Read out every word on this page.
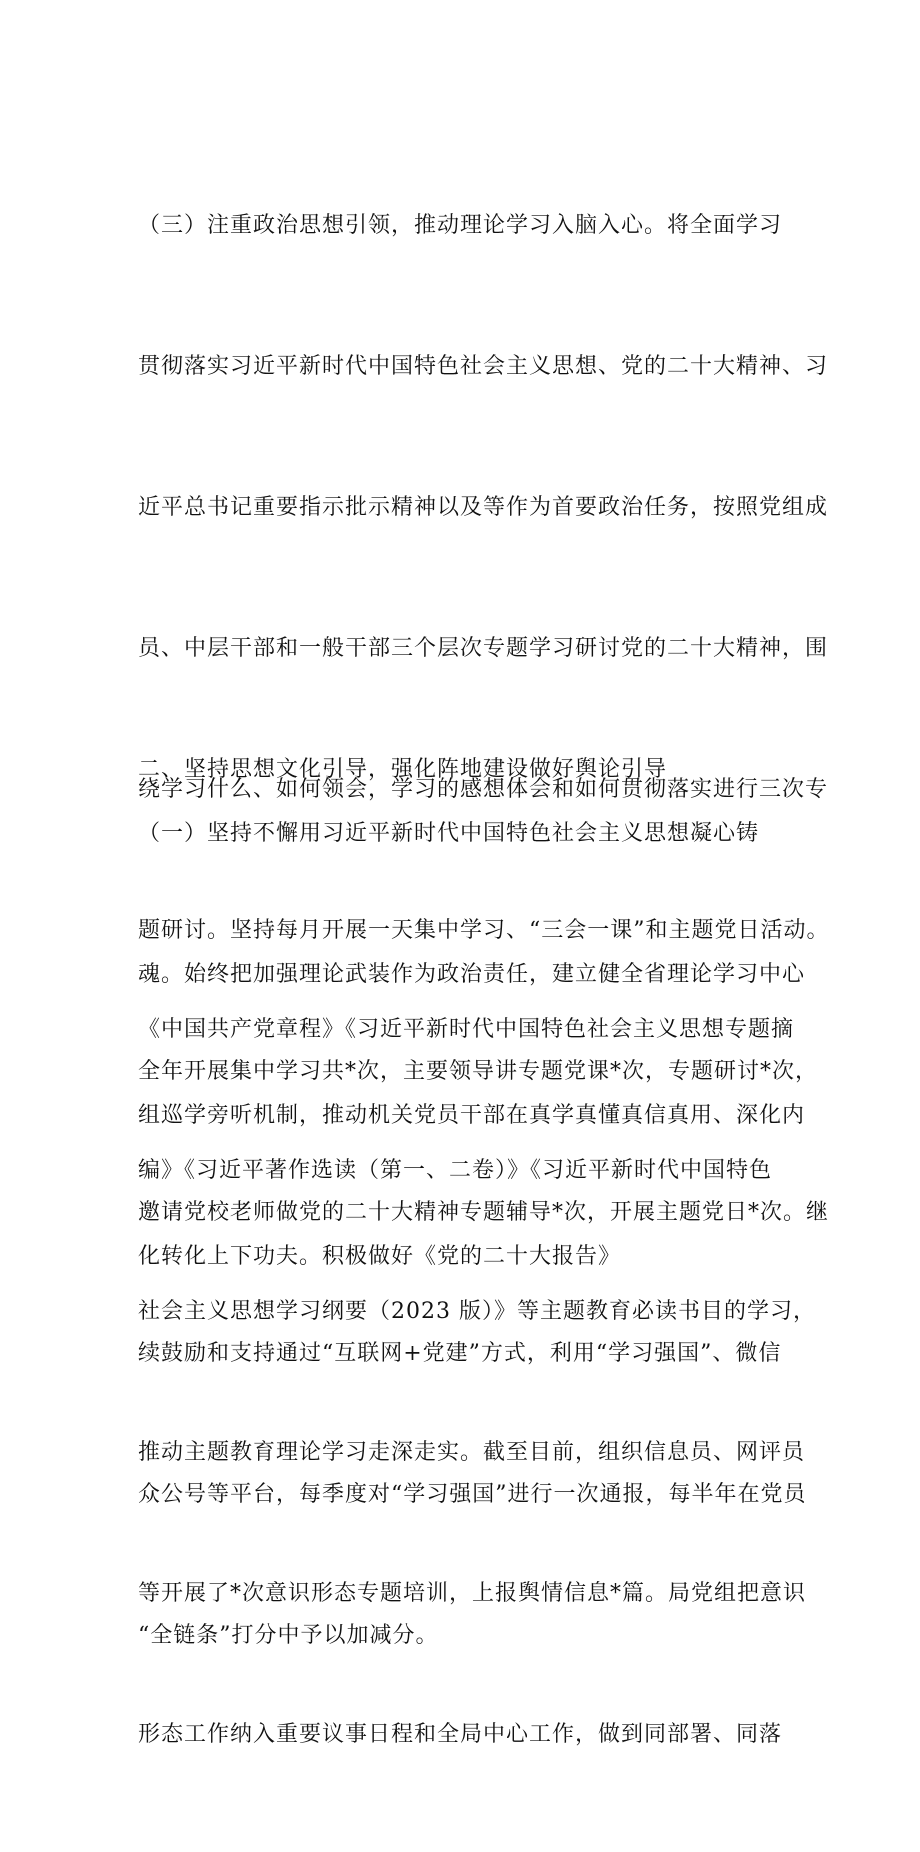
（三）注重政治思想引领，推动理论学习入脑入心。将全面学习

贯彻落实习近平新时代中国特色社会主义思想、党的二十大精神、习

近平总书记重要指示批示精神以及等作为首要政治任务，按照党组成

员、中层干部和一般干部三个层次专题学习研讨党的二十大精神，围

绕学习什么、如何领会，学习的感想体会和如何贯彻落实进行三次专

题研讨。坚持每月开展一天集中学习、“三会一课”和主题党日活动。

全年开展集中学习共*次，主要领导讲专题党课*次，专题研讨*次，

邀请党校老师做党的二十大精神专题辅导*次，开展主题党日*次。继

续鼓励和支持通过“互联网+党建”方式，利用“学习强国”、微信

众公号等平台，每季度对“学习强国”进行一次通报，每半年在党员

“全链条”打分中予以加减分。

二、坚持思想文化引导，强化阵地建设做好舆论引导

（一）坚持不懈用习近平新时代中国特色社会主义思想凝心铸

魂。始终把加强理论武装作为政治责任，建立健全省理论学习中心

组巡学旁听机制，推动机关党员干部在真学真懂真信真用、深化内

化转化上下功夫。积极做好《党的二十大报告》

《中国共产党章程》《习近平新时代中国特色社会主义思想专题摘

编》《习近平著作选读（第一、二卷）》《习近平新时代中国特色

社会主义思想学习纲要（2023 版）》等主题教育必读书目的学习，

推动主题教育理论学习走深走实。截至目前，组织信息员、网评员

等开展了*次意识形态专题培训，上报舆情信息*篇。局党组把意识

形态工作纳入重要议事日程和全局中心工作，做到同部署、同落
